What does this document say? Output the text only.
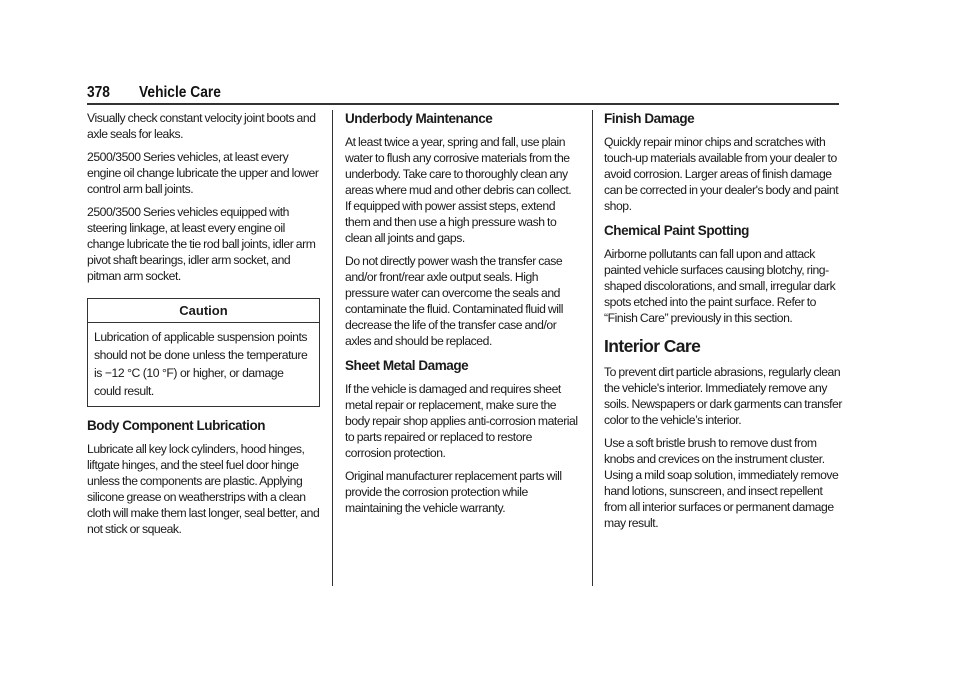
378	Vehicle Care

Visually check constant velocity joint boots and axle seals for leaks.

2500/3500 Series vehicles, at least every engine oil change lubricate the upper and lower control arm ball joints.

2500/3500 Series vehicles equipped with steering linkage, at least every engine oil change lubricate the tie rod ball joints, idler arm pivot shaft bearings, idler arm socket, and pitman arm socket.

Caution
Lubrication of applicable suspension points should not be done unless the temperature is −12 °C (10 °F) or higher, or damage could result.
Body Component Lubrication

Lubricate all key lock cylinders, hood hinges, liftgate hinges, and the steel fuel door hinge unless the components are plastic. Applying silicone grease on weatherstrips with a clean cloth will make them last longer, seal better, and not stick or squeak.

Underbody Maintenance

At least twice a year, spring and fall, use plain water to flush any corrosive materials from the underbody. Take care to thoroughly clean any areas where mud and other debris can collect. If equipped with power assist steps, extend them and then use a high pressure wash to clean all joints and gaps.

Do not directly power wash the transfer case and/or front/rear axle output seals. High pressure water can overcome the seals and contaminate the fluid. Contaminated fluid will decrease the life of the transfer case and/or axles and should be replaced.

Sheet Metal Damage

If the vehicle is damaged and requires sheet metal repair or replacement, make sure the body repair shop applies anti-corrosion material to parts repaired or replaced to restore corrosion protection.

Original manufacturer replacement parts will provide the corrosion protection while maintaining the vehicle warranty.

Finish Damage

Quickly repair minor chips and scratches with touch-up materials available from your dealer to avoid corrosion. Larger areas of finish damage can be corrected in your dealer's body and paint shop.

Chemical Paint Spotting

Airborne pollutants can fall upon and attack painted vehicle surfaces causing blotchy, ring-shaped discolorations, and small, irregular dark spots etched into the paint surface. Refer to “Finish Care” previously in this section.

Interior Care

To prevent dirt particle abrasions, regularly clean the vehicle's interior. Immediately remove any soils. Newspapers or dark garments can transfer color to the vehicle’s interior.

Use a soft bristle brush to remove dust from knobs and crevices on the instrument cluster. Using a mild soap solution, immediately remove hand lotions, sunscreen, and insect repellent from all interior surfaces or permanent damage may result.
